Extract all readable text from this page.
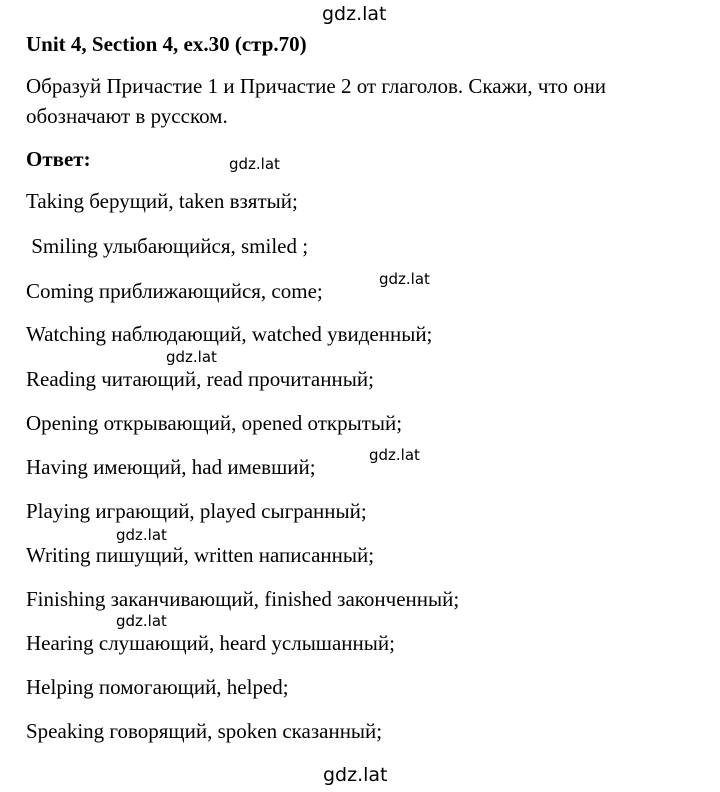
gdz.lat
gdz.lat
gdz.lat
gdz.lat
gdz.lat
gdz.lat
gdz.lat
gdz.lat
Unit 4, Section 4, ex.30 (стр.70)
Образуй Причастие 1 и Причастие 2 от глаголов. Скажи, что они обозначают в русском.
Ответ:
Taking берущий, taken взятый;
Smiling улыбающийся, smiled ;
Coming приближающийся, come;
Watching наблюдающий, watched увиденный;
Reading читающий, read прочитанный;
Opening открывающий, opened открытый;
Having имеющий, had имевший;
Playing играющий, played сыгранный;
Writing пишущий, written написанный;
Finishing заканчивающий, finished законченный;
Hearing слушающий, heard услышанный;
Helping помогающий, helped;
Speaking говорящий, spoken сказанный;
